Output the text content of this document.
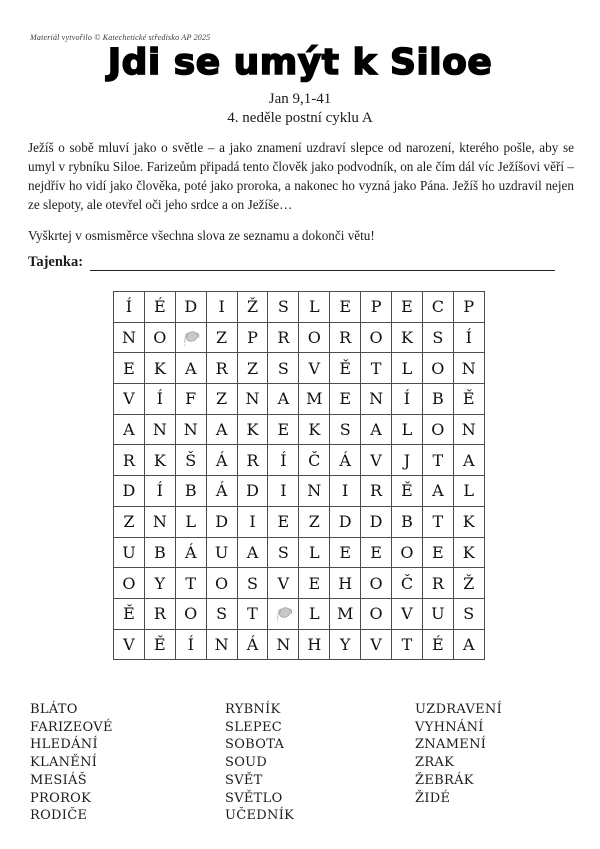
Materiál vytvořilo © Katechetické středisko AP 2025
Jdi se umýt k Siloe
Jan 9,1-41
4. neděle postní cyklu A
Ježíš o sobě mluví jako o světle – a jako znamení uzdraví slepce od narození, kterého pošle, aby se umyl v rybníku Siloe. Farizeům připadá tento člověk jako podvodník, on ale čím dál víc Ježíšovi věří – nejdřív ho vidí jako člověka, poté jako proroka, a nakonec ho vyzná jako Pána. Ježíš ho uzdravil nejen ze slepoty, ale otevřel oči jeho srdce a on Ježíše…
Vyškrtej v osmisměrce všechna slova ze seznamu a dokonči větu!
Tajenka:
Í	É	D	I	Ž	S	L	E	P	E	C	P
N	O		Z	P	R	O	R	O	K	S	Í
E	K	A	R	Z	S	V	Ě	T	L	O	N
V	Í	F	Z	N	A	M	E	N	Í	B	Ě
A	N	N	A	K	E	K	S	A	L	O	N
R	K	Š	Á	R	Í	Č	Á	V	J	T	A
D	Í	B	Á	D	I	N	I	R	Ě	A	L
Z	N	L	D	I	E	Z	D	D	B	T	K
U	B	Á	U	A	S	L	E	E	O	E	K
O	Y	T	O	S	V	E	H	O	Č	R	Ž
Ě	R	O	S	T		L	M	O	V	U	S
V	Ě	Í	N	Á	N	H	Y	V	T	É	A
BLÁTO
FARIZEOVÉ
HLEDÁNÍ
KLANĚNÍ
MESIÁŠ
PROROK
RODIČE
RYBNÍK
SLEPEC
SOBOTA
SOUD
SVĚT
SVĚTLO
UČEDNÍK
UZDRAVENÍ
VYHNÁNÍ
ZNAMENÍ
ZRAK
ŽEBRÁK
ŽIDÉ
